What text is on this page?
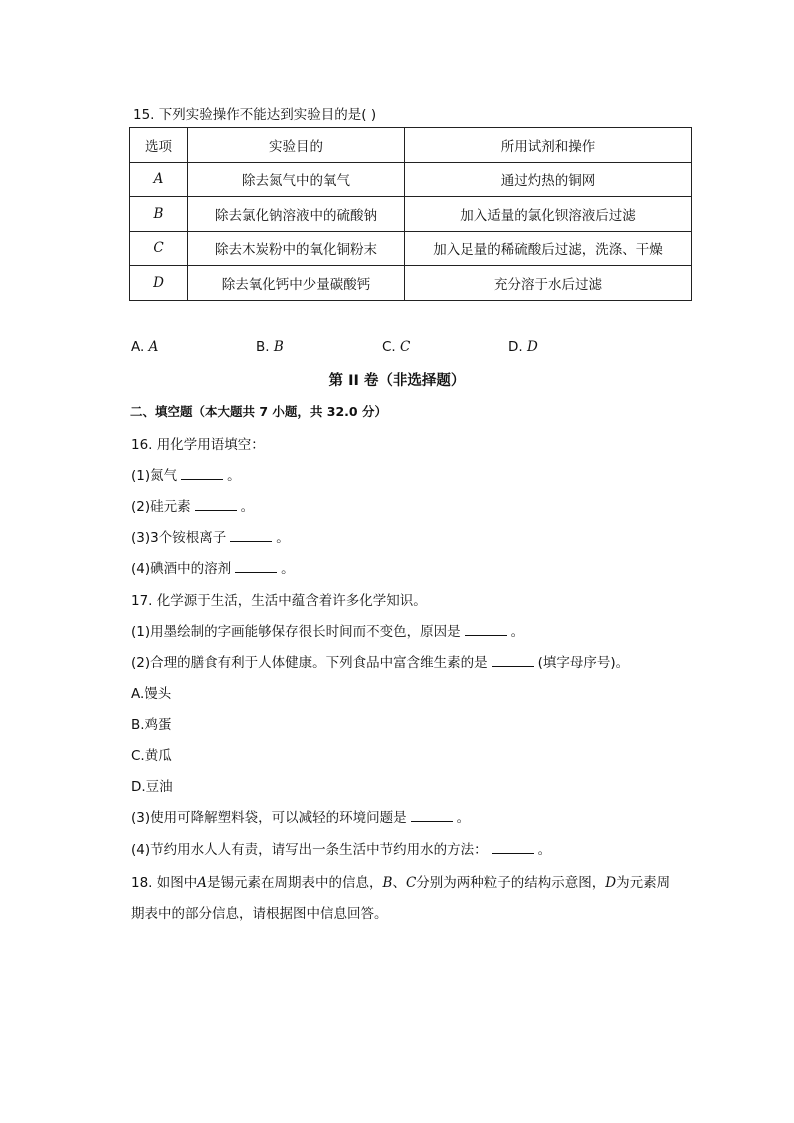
15. 下列实验操作不能达到实验目的是( )
选项	实验目的	所用试剂和操作
A	除去氮气中的氧气	通过灼热的铜网
B	除去氯化钠溶液中的硫酸钠	加入适量的氯化钡溶液后过滤
C	除去木炭粉中的氧化铜粉末	加入足量的稀硫酸后过滤，洗涤、干燥
D	除去氧化钙中少量碳酸钙	充分溶于水后过滤
A. A	B. B	C. C	D. D
第 II 卷（非选择题）
二、填空题（本大题共 7 小题，共 32.0 分）
16. 用化学用语填空：
(1)氮气	。
(2)硅元素	。
(3)3个铵根离子	。
(4)碘酒中的溶剂	。
17. 化学源于生活，生活中蕴含着许多化学知识。
(1)用墨绘制的字画能够保存很长时间而不变色，原因是	。
(2)合理的膳食有利于人体健康。下列食品中富含维生素的是	(填字母序号)。
A.馒头
B.鸡蛋
C.黄瓜
D.豆油
(3)使用可降解塑料袋，可以减轻的环境问题是	。
(4)节约用水人人有责，请写出一条生活中节约用水的方法：	。
18. 如图中A是锡元素在周期表中的信息，B、C分别为两种粒子的结构示意图，D为元素周
期表中的部分信息，请根据图中信息回答。
